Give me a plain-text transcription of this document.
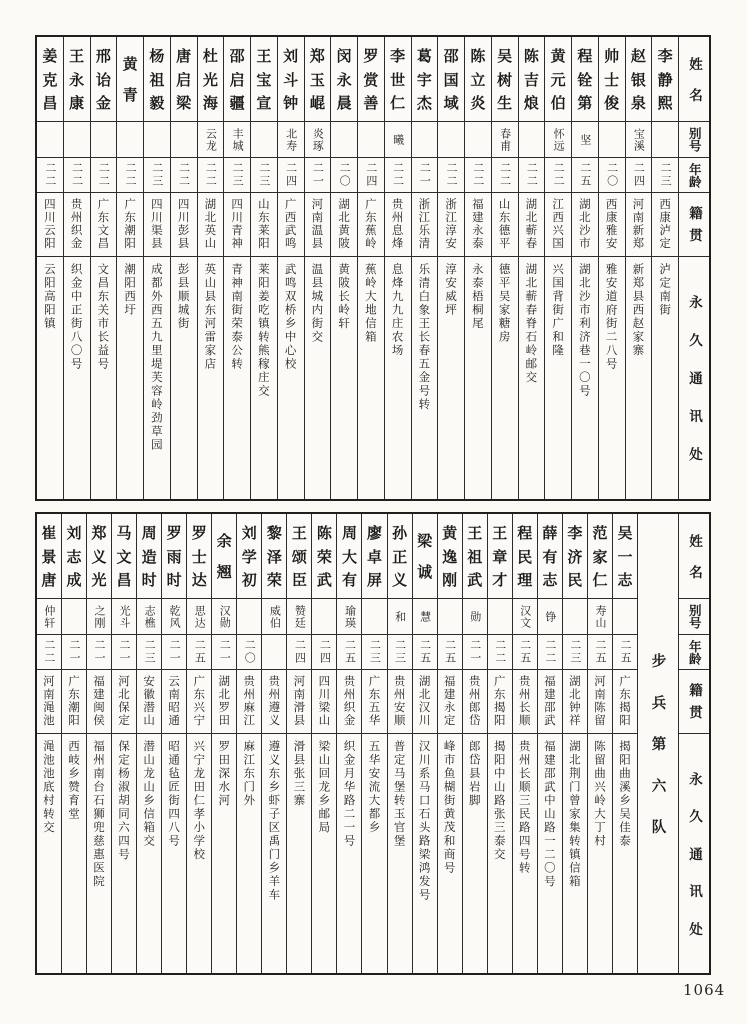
姓
名
别号
年龄
籍
贯
永
久
通
讯
处
李
静
熙
二三
西康泸定
泸定南街
赵
银
泉
宝溪
二四
河南新郑
新郑县西赵家寨
帅
士
俊
二〇
西康雅安
雅安道府街二八号
程
铨
第
坚
二五
湖北沙市
湖北沙市利济巷一〇号
黄
元
伯
怀远
二二
江西兴国
兴国背街广和隆
陈
吉
烺
二二
湖北蕲春
湖北蕲春脊石岭邮交
吴
树
生
春甫
二二
山东德平
德平吴家糖房
陈
立
炎
二二
福建永泰
永泰梧桐尾
邵
国
域
二二
浙江淳安
淳安威坪
葛
宇
杰
二一
浙江乐清
乐清白象王长春五金号转
李
世
仁
曦
二二
贵州息烽
息烽九九庄农场
罗
赏
善
二四
广东蕉岭
蕉岭大地信箱
闵
永
晨
二〇
湖北黄陂
黄陂长岭轩
郑
玉
崐
炎琢
二一
河南温县
温县城内街交
刘
斗
钟
北寿
二四
广西武鸣
武鸣双桥乡中心校
王
宝
宣
二三
山东莱阳
莱阳姜吃镇转熊稼庄交
邵
启
疆
丰城
二三
四川青神
青神南街荣泰公转
杜
光
海
云龙
二二
湖北英山
英山县东河雷家店
唐
启
梁
二二
四川彭县
彭县顺城街
杨
祖
毅
二三
四川渠县
成都外西五九里堤芙容岭劲草园
黄
青
二二
广东潮阳
潮阳西圩
邢
诒
金
二二
广东文昌
文昌东关市长益号
王
永
康
二二
贵州织金
织金中正街八〇号
姜
克
昌
二二
四川云阳
云阳高阳镇
姓
名
别号
年龄
籍
贯
永
久
通
讯
处
步
兵
第
六
队
吴
一
志
二五
广东揭阳
揭阳曲溪乡吴佳泰
范
家
仁
寿山
二五
河南陈留
陈留曲兴岭大丁村
李
济
民
二三
湖北钟祥
湖北荆门曾家集转镇信箱
薛
有
志
铮
二二
福建邵武
福建邵武中山路一二〇号
程
民
理
汉文
二五
贵州长顺
贵州长顺三民路四号转
王
章
才
二二
广东揭阳
揭阳中山路张三泰交
王
祖
武
勋
二一
贵州郎岱
郎岱县岩脚
黄
逸
刚
二五
福建永定
峰市鱼楜街黄茂和商号
梁
诚
慧
二五
湖北汉川
汉川系马口石头路梁鸿发号
孙
正
义
和
二三
贵州安顺
普定马堡转玉官堡
廖
卓
屏
二三
广东五华
五华安流大都乡
周
大
有
瑜瑛
二五
贵州织金
织金月华路二一号
陈
荣
武
二四
四川梁山
梁山回龙乡邮局
王
颂
臣
赞廷
二四
河南滑县
滑县张三寨
黎
泽
荣
威伯
贵州遵义
遵义东乡虾子区禹门乡羊车
刘
学
初
二〇
贵州麻江
麻江东门外
余
翘
汉勋
二一
湖北罗田
罗田深水河
罗
士
达
思达
二五
广东兴宁
兴宁龙田仁孝小学校
罗
雨
时
乾风
二一
云南昭通
昭通毡匠街四八号
周
造
时
志樵
二三
安徽潜山
潜山龙山乡信箱交
马
文
昌
光斗
二一
河北保定
保定杨淑胡同六四号
郑
义
光
之刚
二一
福建闽侯
福州南台石狮兜慈惠医院
刘
志
成
二一
广东潮阳
西岐乡赞育堂
崔
景
唐
仲轩
二二
河南渑池
渑池池底村转交
1064
